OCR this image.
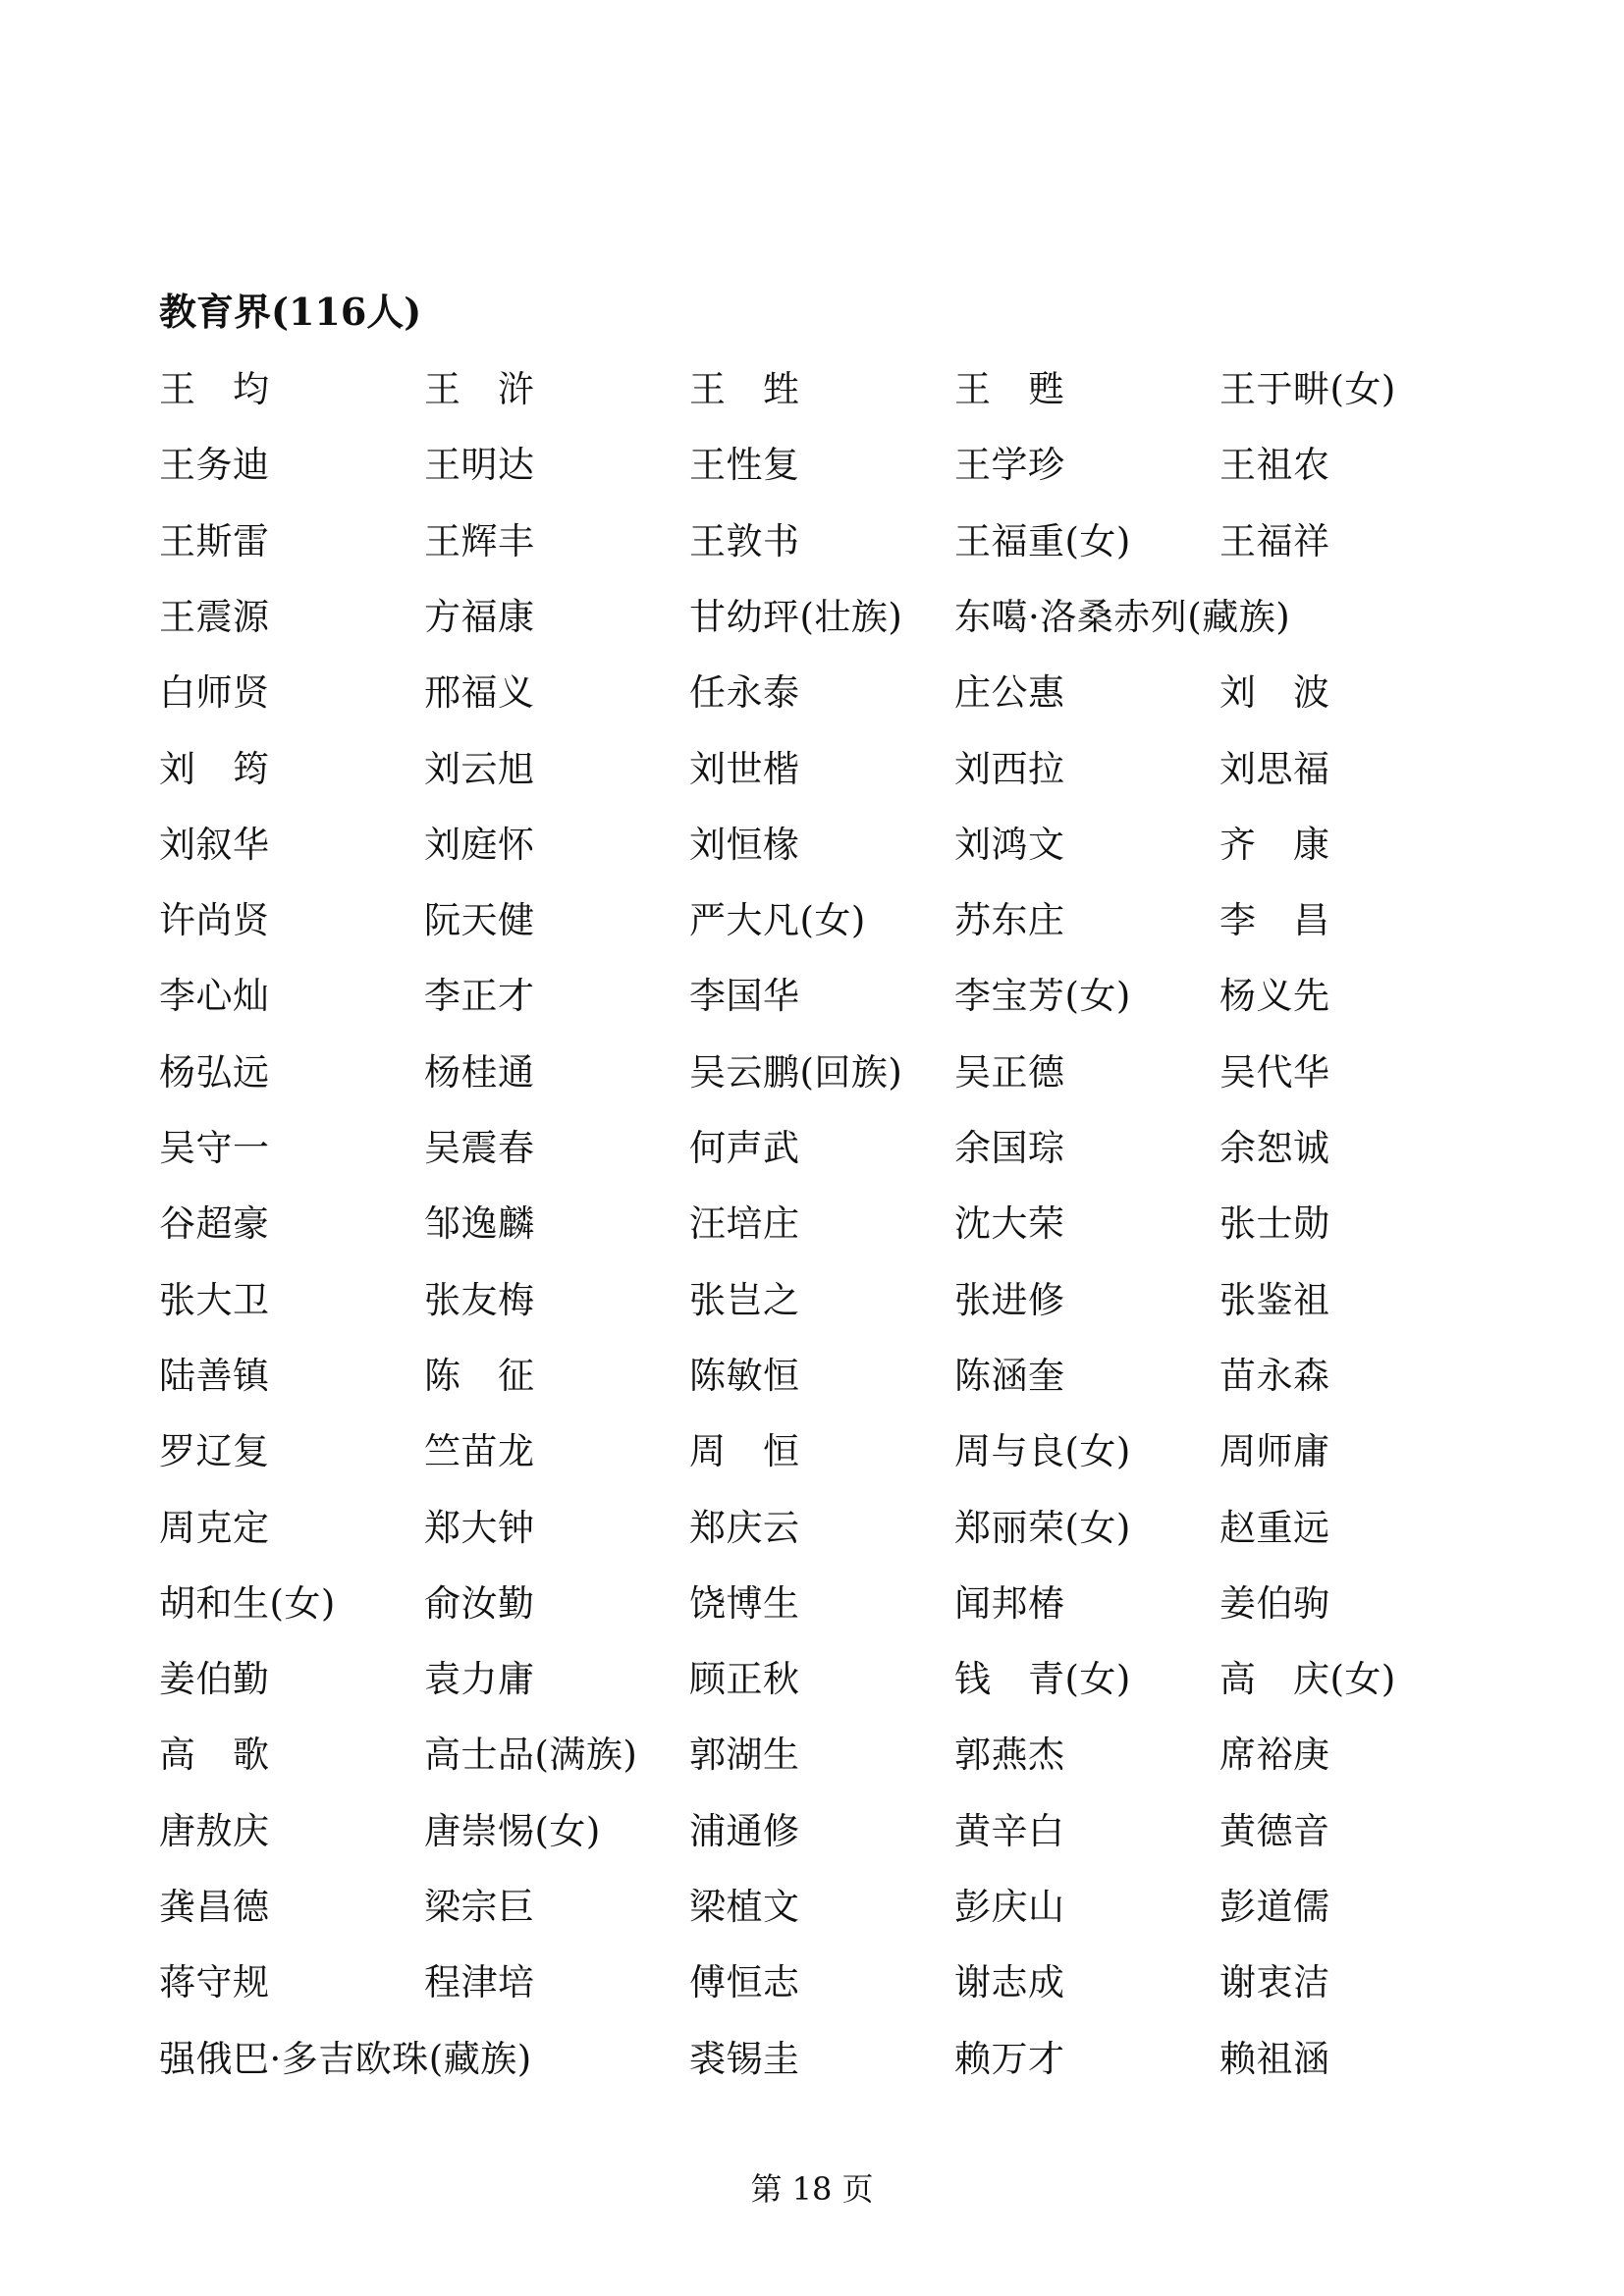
教育界(116人)
王　均	王　浒	王　甡	王　甦	王于畊(女)
王务迪	王明达	王性复	王学珍	王祖农
王斯雷	王辉丰	王敦书	王福重(女) 王福祥
王震源	方福康	甘幼玶(壮族) 东噶·洛桑赤列(藏族)
白师贤	邢福义	任永泰	庄公惠	刘　波
刘　筠	刘云旭	刘世楷	刘西拉	刘思福
刘叙华	刘庭怀	刘恒椽	刘鸿文	齐　康
许尚贤	阮天健	严大凡(女) 苏东庄	李　昌
李心灿	李正才	李国华	李宝芳(女) 杨义先
杨弘远	杨桂通	吴云鹏(回族) 吴正德	吴代华
吴守一	吴震春	何声武	余国琮	余恕诚
谷超豪	邹逸麟	汪培庄	沈大荣	张士勋
张大卫	张友梅	张岂之	张进修	张鉴祖
陆善镇	陈　征	陈敏恒	陈涵奎	苗永森
罗辽复	竺苗龙	周　恒	周与良(女) 周师庸
周克定	郑大钟	郑庆云	郑丽荣(女) 赵重远
胡和生(女) 俞汝勤	饶博生	闻邦椿	姜伯驹
姜伯勤	袁力庸	顾正秋	钱　青(女) 高　庆(女)
高　歌	高士品(满族) 郭湖生	郭燕杰	席裕庚
唐敖庆	唐崇惕(女) 浦通修	黄辛白	黄德音
龚昌德	梁宗巨	梁植文	彭庆山	彭道儒
蒋守规	程津培	傅恒志	谢志成	谢衷洁
强俄巴·多吉欧珠(藏族)	裘锡圭	赖万才	赖祖涵
第 18 页
